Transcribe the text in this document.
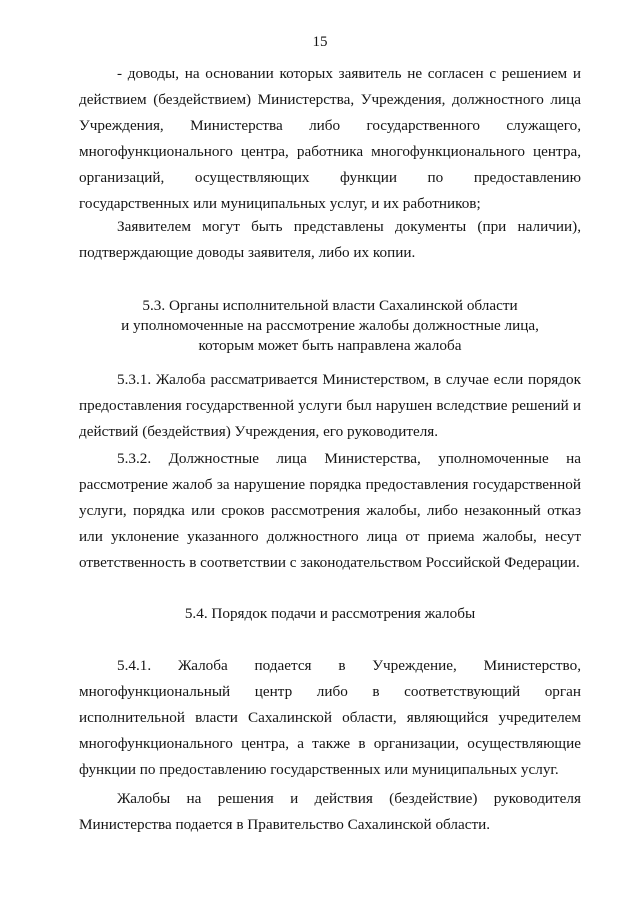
15

- доводы, на основании которых заявитель не согласен с решением и действием (бездействием) Министерства, Учреждения, должностного лица Учреждения, Министерства либо государственного служащего, многофункционального центра, работника многофункционального центра, организаций, осуществляющих функции по предоставлению государственных или муниципальных услуг, и их работников;

Заявителем могут быть представлены документы (при наличии), подтверждающие доводы заявителя, либо их копии.

5.3. Органы исполнительной власти Сахалинской области

и уполномоченные на рассмотрение жалобы должностные лица,

которым может быть направлена жалоба

5.3.1. Жалоба рассматривается Министерством, в случае если порядок предоставления государственной услуги был нарушен вследствие решений и действий (бездействия) Учреждения, его руководителя.

5.3.2. Должностные лица Министерства, уполномоченные на рассмотрение жалоб за нарушение порядка предоставления государственной услуги, порядка или сроков рассмотрения жалобы, либо незаконный отказ или уклонение указанного должностного лица от приема жалобы, несут ответственность в соответствии с законодательством Российской Федерации.

5.4. Порядок подачи и рассмотрения жалобы

5.4.1. Жалоба подается в Учреждение, Министерство, многофункциональный центр либо в соответствующий орган исполнительной власти Сахалинской области, являющийся учредителем многофункционального центра, а также в организации, осуществляющие функции по предоставлению государственных или муниципальных услуг.

Жалобы на решения и действия (бездействие) руководителя Министерства подается в Правительство Сахалинской области.
